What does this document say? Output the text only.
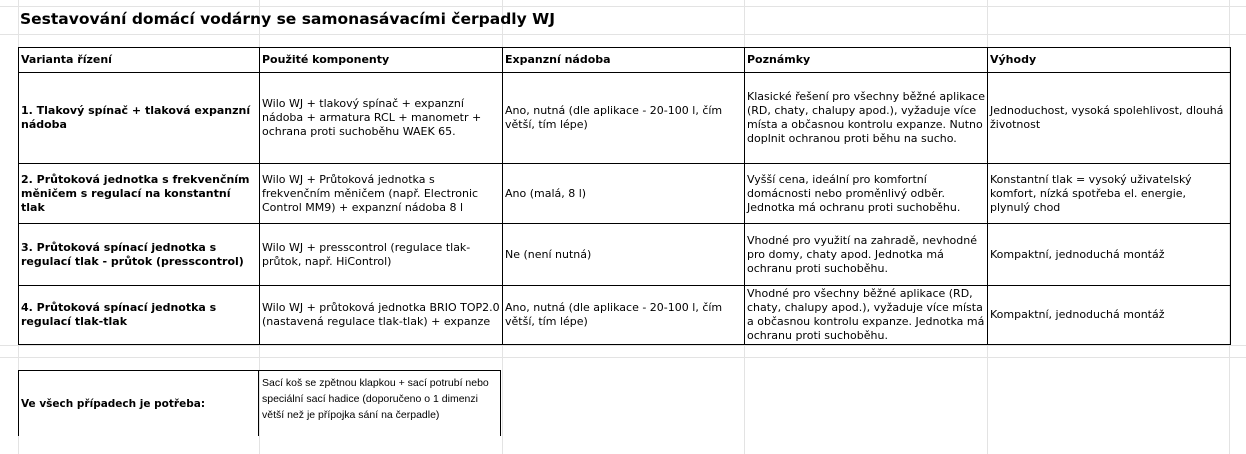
Sestavování domácí vodárny se samonasávacími čerpadly WJ
Varianta řízení	Použité komponenty	Expanzní nádoba	Poznámky	Výhody
1. Tlakový spínač + tlaková expanzní nádoba	Wilo WJ + tlakový spínač + expanzní nádoba + armatura RCL + manometr + ochrana proti suchoběhu WAEK 65.	Ano, nutná (dle aplikace - 20-100 l, čím větší, tím lépe)	Klasické řešení pro všechny běžné aplikace (RD, chaty, chalupy apod.), vyžaduje více místa a občasnou kontrolu expanze. Nutno doplnit ochranou proti běhu na sucho.	Jednoduchost, vysoká spolehlivost, dlouhá životnost
2. Průtoková jednotka s frekvenčním měničem s regulací na konstantní tlak	Wilo WJ + Průtoková jednotka s frekvenčním měničem (např. Electronic Control MM9) + expanzní nádoba 8 l	Ano (malá, 8 l)	Vyšší cena, ideální pro komfortní domácnosti nebo proměnlivý odběr. Jednotka má ochranu proti suchoběhu.	Konstantní tlak = vysoký uživatelský komfort, nízká spotřeba el. energie, plynulý chod
3. Průtoková spínací jednotka s regulací tlak - průtok (presscontrol)	Wilo WJ + presscontrol (regulace tlak-průtok, např. HiControl)	Ne (není nutná)	Vhodné pro využití na zahradě, nevhodné pro domy, chaty apod. Jednotka má ochranu proti suchoběhu.	Kompaktní, jednoduchá montáž
4. Průtoková spínací jednotka s regulací tlak-tlak	Wilo WJ + průtoková jednotka BRIO TOP2.0 (nastavená regulace tlak-tlak) + expanze	Ano, nutná (dle aplikace - 20-100 l, čím větší, tím lépe)	Vhodné pro všechny běžné aplikace (RD, chaty, chalupy apod.), vyžaduje více místa a občasnou kontrolu expanze. Jednotka má ochranu proti suchoběhu.	Kompaktní, jednoduchá montáž
Ve všech případech je potřeba:
Sací koš se zpětnou klapkou + sací potrubí nebo speciální sací hadice (doporučeno o 1 dimenzi větší než je přípojka sání na čerpadle)
